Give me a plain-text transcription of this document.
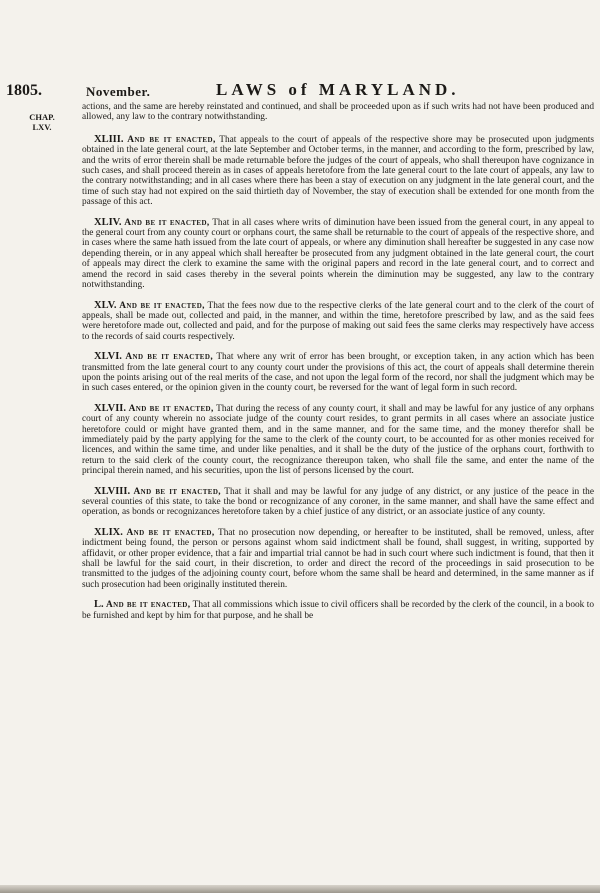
1805.	November.	LAWS of MARYLAND.
CHAP.
LXV.

actions, and the same are hereby reinstated and continued, and shall be proceeded upon as if such writs had not have been produced and allowed, any law to the contrary notwithstanding.

XLIII. And be it enacted, That appeals to the court of appeals of the respective shore may be prosecuted upon judgments obtained in the late general court, at the late September and October terms, in the manner, and according to the form, prescribed by law, and the writs of error therein shall be made returnable before the judges of the court of appeals, who shall thereupon have cognizance in such cases, and shall proceed therein as in cases of appeals heretofore from the late general court to the late court of appeals, any law to the contrary notwithstanding; and in all cases where there has been a stay of execution on any judgment in the late general court, and the time of such stay had not expired on the said thirtieth day of November, the stay of execution shall be extended for one month from the passage of this act.

XLIV. And be it enacted, That in all cases where writs of diminution have been issued from the general court, in any appeal to the general court from any county court or orphans court, the same shall be returnable to the court of appeals of the respective shore, and in cases where the same hath issued from the late court of appeals, or where any diminution shall hereafter be suggested in any case now depending therein, or in any appeal which shall hereafter be prosecuted from any judgment obtained in the late general court, the court of appeals may direct the clerk to examine the same with the original papers and record in the late general court, and to correct and amend the record in said cases thereby in the several points wherein the diminution may be suggested, any law to the contrary notwithstanding.

XLV. And be it enacted, That the fees now due to the respective clerks of the late general court and to the clerk of the court of appeals, shall be made out, collected and paid, in the manner, and within the time, heretofore prescribed by law, and as the said fees were heretofore made out, collected and paid, and for the purpose of making out said fees the same clerks may respectively have access to the records of said courts respectively.

XLVI. And be it enacted, That where any writ of error has been brought, or exception taken, in any action which has been transmitted from the late general court to any county court under the provisions of this act, the court of appeals shall determine therein upon the points arising out of the real merits of the case, and not upon the legal form of the record, nor shall the judgment which may be in such cases entered, or the opinion given in the county court, be reversed for the want of legal form in such record.

XLVII. And be it enacted, That during the recess of any county court, it shall and may be lawful for any justice of any orphans court of any county wherein no associate judge of the county court resides, to grant permits in all cases where an associate justice heretofore could or might have granted them, and in the same manner, and for the same time, and the money therefor shall be immediately paid by the party applying for the same to the clerk of the county court, to be accounted for as other monies received for licences, and within the same time, and under like penalties, and it shall be the duty of the justice of the orphans court, forthwith to return to the said clerk of the county court, the recognizance thereupon taken, who shall file the same, and enter the name of the principal therein named, and his securities, upon the list of persons licensed by the court.

XLVIII. And be it enacted, That it shall and may be lawful for any judge of any district, or any justice of the peace in the several counties of this state, to take the bond or recognizance of any coroner, in the same manner, and shall have the same effect and operation, as bonds or recognizances heretofore taken by a chief justice of any district, or an associate justice of any county.

XLIX. And be it enacted, That no prosecution now depending, or hereafter to be instituted, shall be removed, unless, after indictment being found, the person or persons against whom said indictment shall be found, shall suggest, in writing, supported by affidavit, or other proper evidence, that a fair and impartial trial cannot be had in such court where such indictment is found, that then it shall be lawful for the said court, in their discretion, to order and direct the record of the proceedings in said prosecution to be transmitted to the judges of the adjoining county court, before whom the same shall be heard and determined, in the same manner as if such prosecution had been originally instituted therein.

L. And be it enacted, That all commissions which issue to civil officers shall be recorded by the clerk of the council, in a book to be furnished and kept by him for that purpose, and he shall be
